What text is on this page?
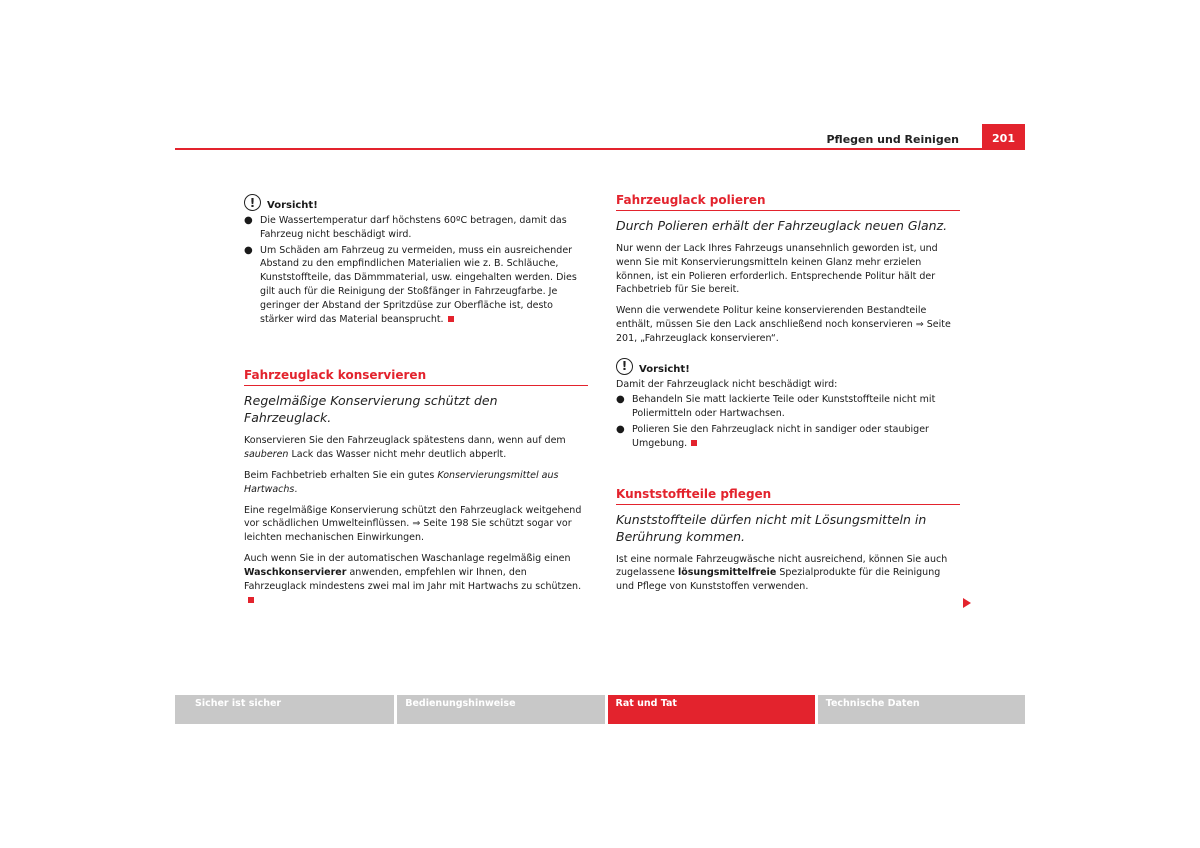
Pflegen und Reinigen	201
!	Vorsicht!
● Die Wassertemperatur darf höchstens 60ºC betragen, damit das Fahrzeug nicht beschädigt wird.

● Um Schäden am Fahrzeug zu vermeiden, muss ein ausreichender Abstand zu den empfindlichen Materialien wie z. B. Schläuche, Kunststoffteile, das Dämmmaterial, usw. eingehalten werden. Dies gilt auch für die Reinigung der Stoßfänger in Fahrzeugfarbe. Je geringer der Abstand der Spritzdüse zur Oberfläche ist, desto stärker wird das Material beansprucht.

Fahrzeuglack konservieren
Regelmäßige Konservierung schützt den Fahrzeuglack.

Konservieren Sie den Fahrzeuglack spätestens dann, wenn auf dem sauberen Lack das Wasser nicht mehr deutlich abperlt.

Beim Fachbetrieb erhalten Sie ein gutes Konservierungsmittel aus Hartwachs.

Eine regelmäßige Konservierung schützt den Fahrzeuglack weitgehend vor schädlichen Umwelteinflüssen. ⇒ Seite 198 Sie schützt sogar vor leichten mechanischen Einwirkungen.

Auch wenn Sie in der automatischen Waschanlage regelmäßig einen Waschkonservierer anwenden, empfehlen wir Ihnen, den Fahrzeuglack mindestens zwei mal im Jahr mit Hartwachs zu schützen.

Fahrzeuglack polieren
Durch Polieren erhält der Fahrzeuglack neuen Glanz.

Nur wenn der Lack Ihres Fahrzeugs unansehnlich geworden ist, und wenn Sie mit Konservierungsmitteln keinen Glanz mehr erzielen können, ist ein Polieren erforderlich. Entsprechende Politur hält der Fachbetrieb für Sie bereit.

Wenn die verwendete Politur keine konservierenden Bestandteile enthält, müssen Sie den Lack anschließend noch konservieren ⇒ Seite 201, „Fahrzeuglack konservieren“.

!	Vorsicht!

Damit der Fahrzeuglack nicht beschädigt wird:

● Behandeln Sie matt lackierte Teile oder Kunststoffteile nicht mit Poliermitteln oder Hartwachsen.

● Polieren Sie den Fahrzeuglack nicht in sandiger oder staubiger Umgebung.

Kunststoffteile pflegen
Kunststoffteile dürfen nicht mit Lösungsmitteln in Berührung kommen.

Ist eine normale Fahrzeugwäsche nicht ausreichend, können Sie auch zugelassene lösungsmittelfreie Spezialprodukte für die Reinigung und Pflege von Kunststoffen verwenden.

Sicher ist sicher	Bedienungshinweise	Rat und Tat	Technische Daten
